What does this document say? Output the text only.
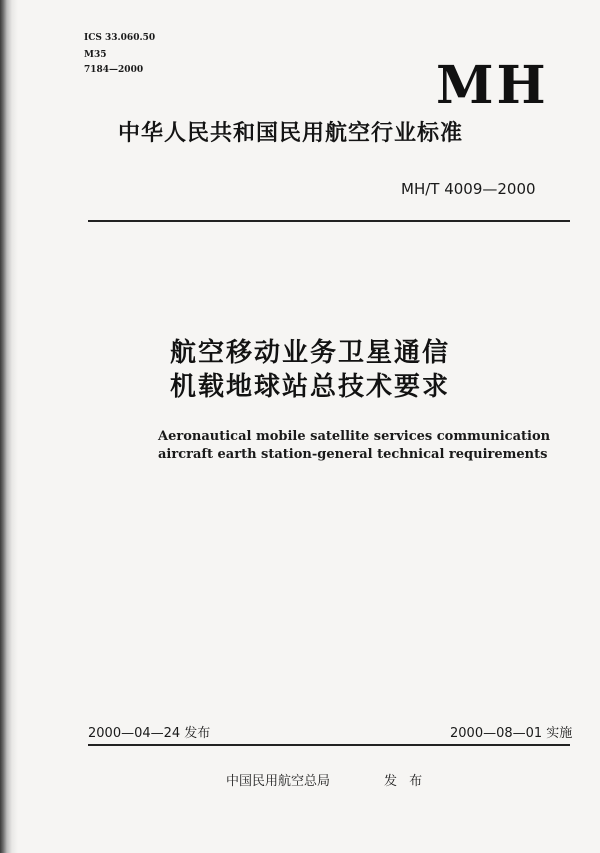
ICS 33.060.50
M35
7184—2000	MH
中华人民共和国民用航空行业标准
MH/T 4009—2000
航空移动业务卫星通信
机载地球站总技术要求
Aeronautical mobile satellite services communication
aircraft earth station-general technical requirements
2000—04—24 发布	2000—08—01 实施
中国民用航空总局	发 布
